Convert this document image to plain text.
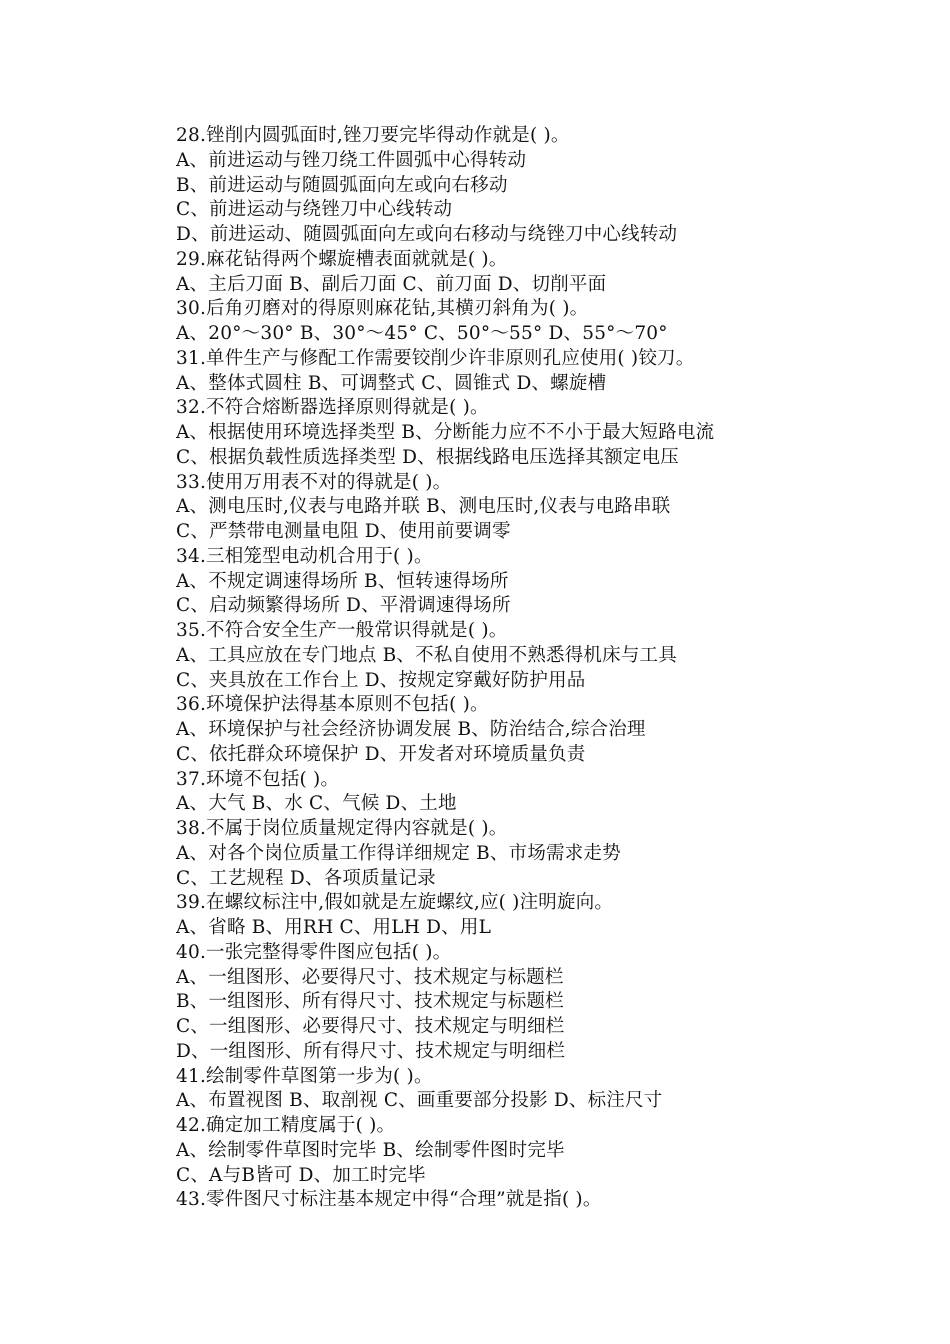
28.锉削内圆弧面时,锉刀要完毕得动作就是( )。
A、前进运动与锉刀绕工件圆弧中心得转动
B、前进运动与随圆弧面向左或向右移动
C、前进运动与绕锉刀中心线转动
D、前进运动、随圆弧面向左或向右移动与绕锉刀中心线转动
29.麻花钻得两个螺旋槽表面就就是( )。
A、主后刀面 B、副后刀面 C、前刀面 D、切削平面
30.后角刃磨对的得原则麻花钻,其横刃斜角为( )。
A、20°～30° B、30°～45° C、50°～55° D、55°～70°
31.单件生产与修配工作需要铰削少许非原则孔应使用( )铰刀。
A、整体式圆柱 B、可调整式 C、圆锥式 D、螺旋槽
32.不符合熔断器选择原则得就是( )。
A、根据使用环境选择类型 B、分断能力应不不小于最大短路电流
C、根据负载性质选择类型 D、根据线路电压选择其额定电压
33.使用万用表不对的得就是( )。
A、测电压时,仪表与电路并联 B、测电压时,仪表与电路串联
C、严禁带电测量电阻 D、使用前要调零
34.三相笼型电动机合用于( )。
A、不规定调速得场所 B、恒转速得场所
C、启动频繁得场所 D、平滑调速得场所
35.不符合安全生产一般常识得就是( )。
A、工具应放在专门地点 B、不私自使用不熟悉得机床与工具
C、夹具放在工作台上 D、按规定穿戴好防护用品
36.环境保护法得基本原则不包括( )。
A、环境保护与社会经济协调发展 B、防治结合,综合治理
C、依托群众环境保护 D、开发者对环境质量负责
37.环境不包括( )。
A、大气 B、水 C、气候 D、土地
38.不属于岗位质量规定得内容就是( )。
A、对各个岗位质量工作得详细规定 B、市场需求走势
C、工艺规程 D、各项质量记录
39.在螺纹标注中,假如就是左旋螺纹,应( )注明旋向。
A、省略 B、用RH C、用LH D、用L
40.一张完整得零件图应包括( )。
A、一组图形、必要得尺寸、技术规定与标题栏
B、一组图形、所有得尺寸、技术规定与标题栏
C、一组图形、必要得尺寸、技术规定与明细栏
D、一组图形、所有得尺寸、技术规定与明细栏
41.绘制零件草图第一步为( )。
A、布置视图 B、取剖视 C、画重要部分投影 D、标注尺寸
42.确定加工精度属于( )。
A、绘制零件草图时完毕 B、绘制零件图时完毕
C、A与B皆可 D、加工时完毕
43.零件图尺寸标注基本规定中得“合理”就是指( )。
